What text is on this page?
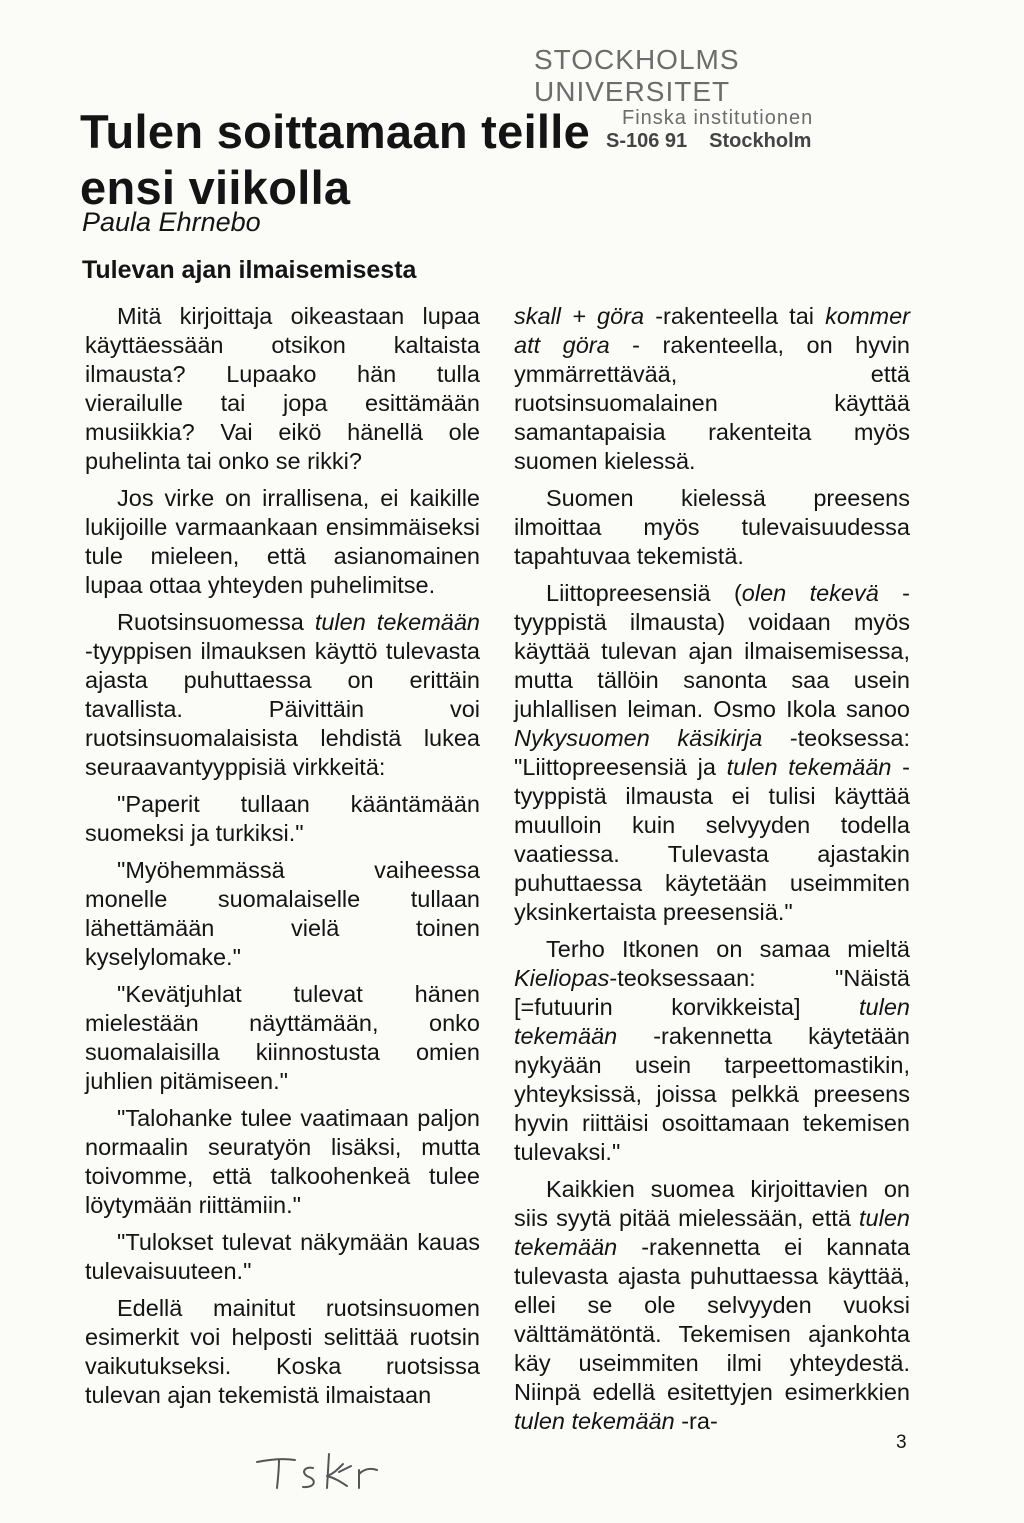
STOCKHOLMS UNIVERSITET
Finska institutionen
S-106 91 Stockholm
Tulen soittamaan teille
ensi viikolla
Paula Ehrnebo
Tulevan ajan ilmaisemisesta

Mitä kirjoittaja oikeastaan lupaa käyttäessään otsikon kaltaista ilmausta? Lupaako hän tulla vierailulle tai jopa esittämään musiikkia? Vai eikö hänellä ole puhelinta tai onko se rikki?

Jos virke on irrallisena, ei kaikille lukijoille varmaankaan ensimmäiseksi tule mieleen, että asianomainen lupaa ottaa yhteyden puhelimitse.

Ruotsinsuomessa tulen tekemään -tyyppisen ilmauksen käyttö tulevasta ajasta puhuttaessa on erittäin tavallista. Päivittäin voi ruotsinsuomalaisista lehdistä lukea seuraavantyyppisiä virkkeitä:

"Paperit tullaan kääntämään suomeksi ja turkiksi."

"Myöhemmässä vaiheessa monelle suomalaiselle tullaan lähettämään vielä toinen kyselylomake."

"Kevätjuhlat tulevat hänen mielestään näyttämään, onko suomalaisilla kiinnostusta omien juhlien pitämiseen."

"Talohanke tulee vaatimaan paljon normaalin seuratyön lisäksi, mutta toivomme, että talkoohenkeä tulee löytymään riittämiin."

"Tulokset tulevat näkymään kauas tulevaisuuteen."

Edellä mainitut ruotsinsuomen esimerkit voi helposti selittää ruotsin vaikutukseksi. Koska ruotsissa tulevan ajan tekemistä ilmaistaan

skall + göra -rakenteella tai kommer att göra - rakenteella, on hyvin ymmärrettävää, että ruotsinsuomalainen käyttää samantapaisia rakenteita myös suomen kielessä.

Suomen kielessä preesens ilmoittaa myös tulevaisuudessa tapahtuvaa tekemistä.

Liittopreesensiä (olen tekevä -tyyppistä ilmausta) voidaan myös käyttää tulevan ajan ilmaisemisessa, mutta tällöin sanonta saa usein juhlallisen leiman. Osmo Ikola sanoo Nykysuomen käsikirja -teoksessa: "Liittopreesensiä ja tulen tekemään -tyyppistä ilmausta ei tulisi käyttää muulloin kuin selvyyden todella vaatiessa. Tulevasta ajastakin puhuttaessa käytetään useimmiten yksinkertaista preesensiä."

Terho Itkonen on samaa mieltä Kieliopas-teoksessaan: "Näistä [=futuurin korvikkeista] tulen tekemään -rakennetta käytetään nykyään usein tarpeettomastikin, yhteyksissä, joissa pelkkä preesens hyvin riittäisi osoittamaan tekemisen tulevaksi."

Kaikkien suomea kirjoittavien on siis syytä pitää mielessään, että tulen tekemään -rakennetta ei kannata tulevasta ajasta puhuttaessa käyttää, ellei se ole selvyyden vuoksi välttämätöntä. Tekemisen ajankohta käy useimmiten ilmi yhteydestä. Niinpä edellä esitettyjen esimerkkien tulen tekemään -ra-

3
